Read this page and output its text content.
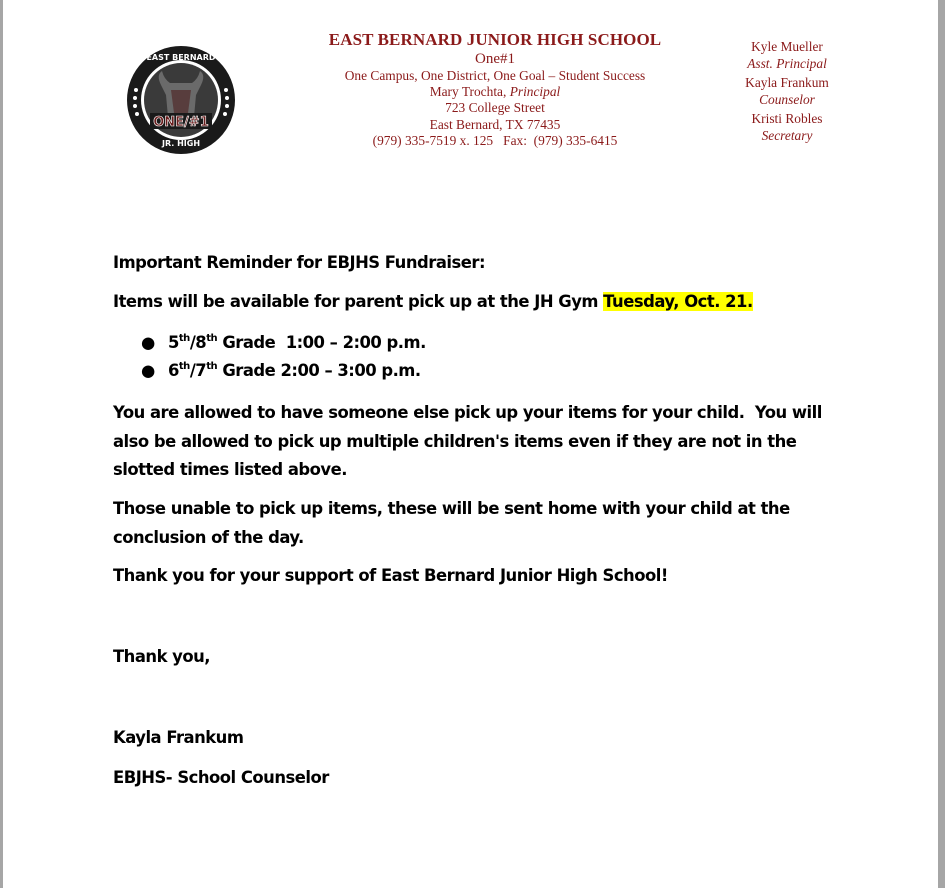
ONE/#1
EAST BERNARD
JR. HIGH
EAST BERNARD JUNIOR HIGH SCHOOL
One#1
One Campus, One District, One Goal – Student Success
Mary Trochta, Principal
723 College Street
East Bernard, TX 77435
(979) 335-7519 x. 125   Fax:  (979) 335-6415
Kyle Mueller
Asst. Principal
Kayla Frankum
Counselor
Kristi Robles
Secretary

Important Reminder for EBJHS Fundraiser:

Items will be available for parent pick up at the JH Gym Tuesday, Oct. 21.

● 5th/8th Grade  1:00 – 2:00 p.m.
● 6th/7th Grade 2:00 – 3:00 p.m.

You are allowed to have someone else pick up your items for your child.  You will also be allowed to pick up multiple children's items even if they are not in the slotted times listed above.

Those unable to pick up items, these will be sent home with your child at the conclusion of the day.

Thank you for your support of East Bernard Junior High School!

Thank you,

Kayla Frankum

EBJHS- School Counselor
